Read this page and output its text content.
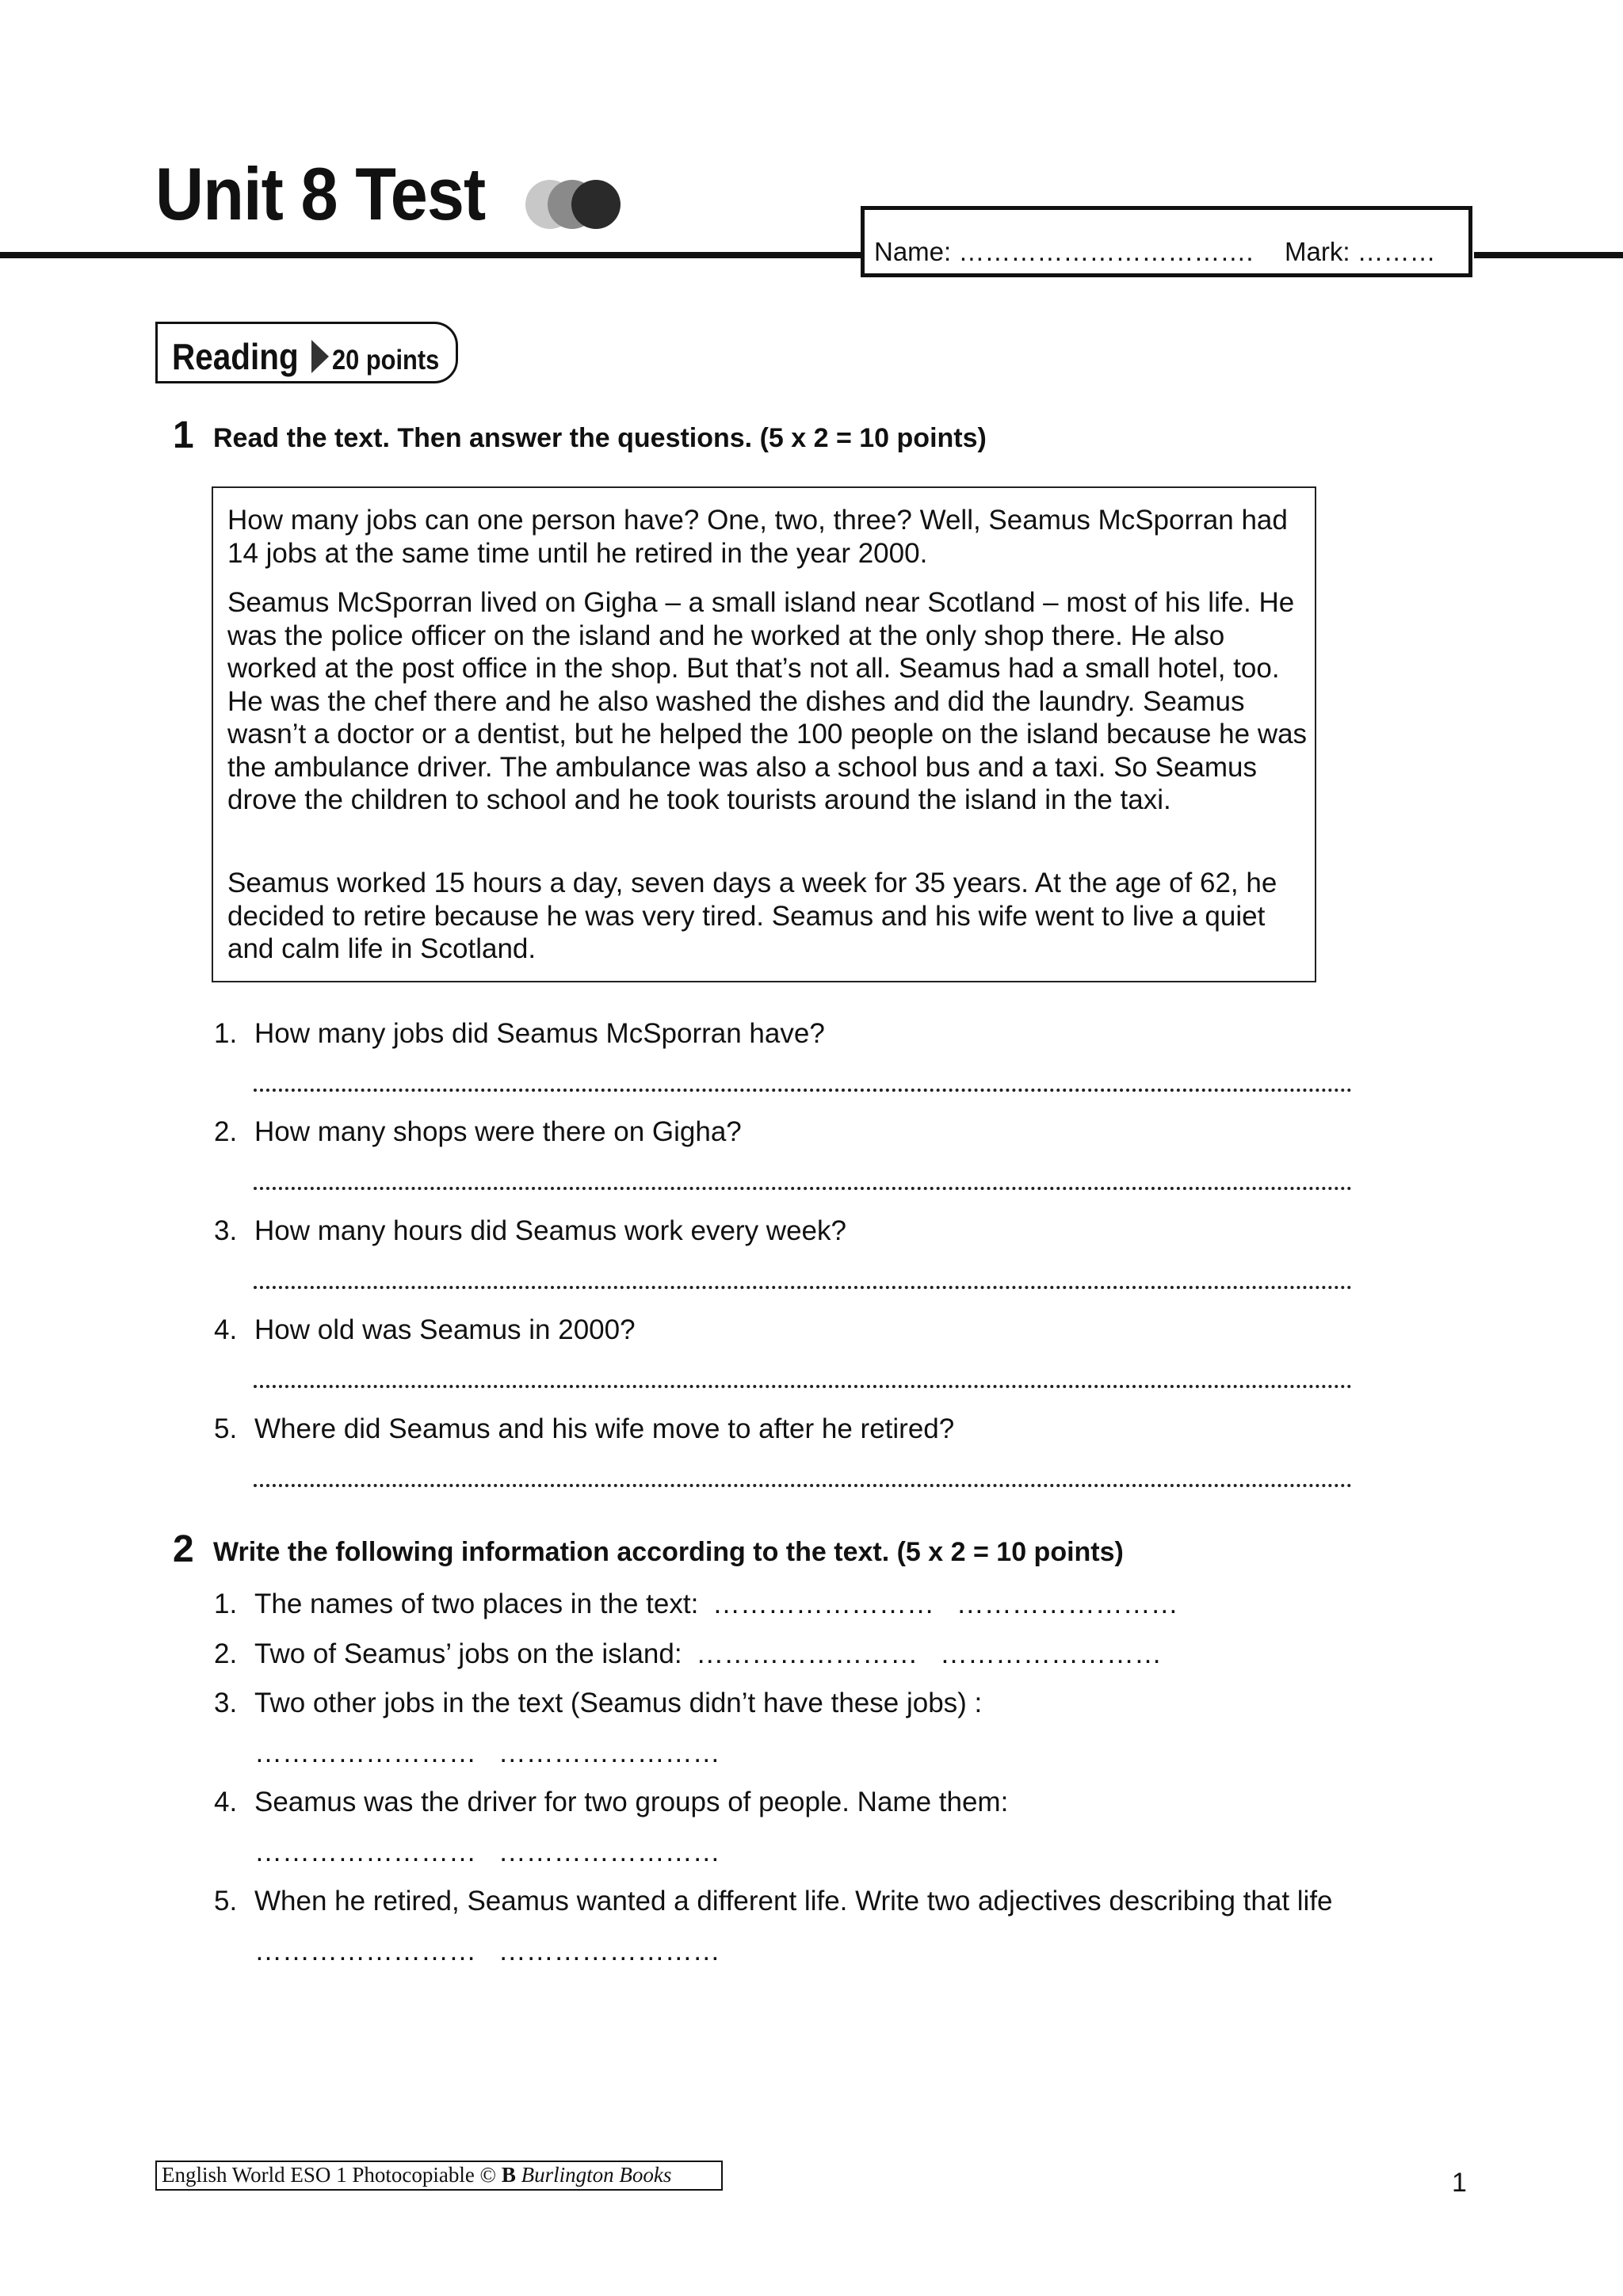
Unit 8 Test
Name: ……………………………. Mark: ………
Reading 20 points
1 Read the text. Then answer the questions. (5 x 2 = 10 points)
How many jobs can one person have? One, two, three? Well, Seamus McSporran had 14 jobs at the same time until he retired in the year 2000.
Seamus McSporran lived on Gigha – a small island near Scotland – most of his life. He was the police officer on the island and he worked at the only shop there. He also worked at the post office in the shop. But that’s not all. Seamus had a small hotel, too. He was the chef there and he also washed the dishes and did the laundry. Seamus wasn’t a doctor or a dentist, but he helped the 100 people on the island because he was the ambulance driver. The ambulance was also a school bus and a taxi. So Seamus drove the children to school and he took tourists around the island in the taxi.
Seamus worked 15 hours a day, seven days a week for 35 years. At the age of 62, he decided to retire because he was very tired. Seamus and his wife went to live a quiet and calm life in Scotland.
1. How many jobs did Seamus McSporran have?
2. How many shops were there on Gigha?
3. How many hours did Seamus work every week?
4. How old was Seamus in 2000?
5. Where did Seamus and his wife move to after he retired?
2 Write the following information according to the text. (5 x 2 = 10 points)
1. The names of two places in the text: …………………… ……………………
2. Two of Seamus’ jobs on the island: …………………… ……………………
3. Two other jobs in the text (Seamus didn’t have these jobs) :
…………………… ……………………
4. Seamus was the driver for two groups of people. Name them:
…………………… ……………………
5. When he retired, Seamus wanted a different life. Write two adjectives describing that life
…………………… ……………………
English World ESO 1 Photocopiable © B Burlington Books	1
